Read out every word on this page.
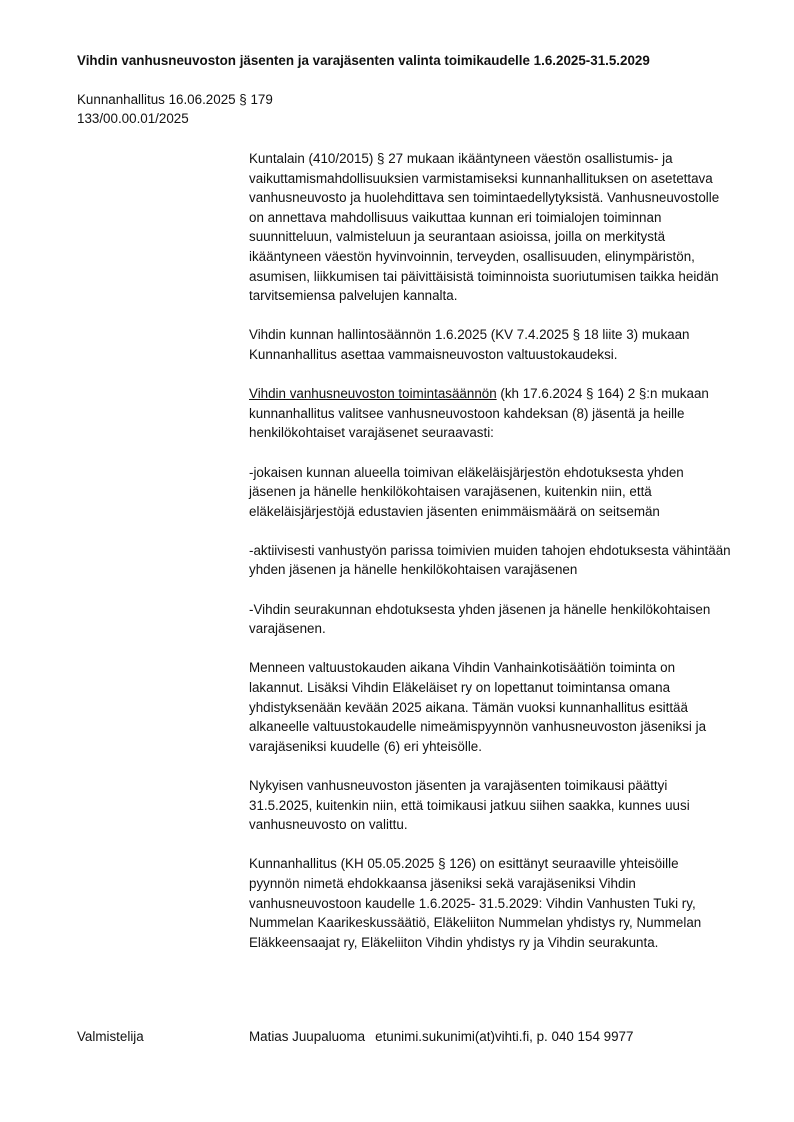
Vihdin vanhusneuvoston jäsenten ja varajäsenten valinta toimikaudelle 1.6.2025-31.5.2029
Kunnanhallitus 16.06.2025 § 179
133/00.00.01/2025

Kuntalain (410/2015) § 27 mukaan ikääntyneen väestön osallistumis- ja vaikuttamismahdollisuuksien varmistamiseksi kunnanhallituksen on asetettava vanhusneuvosto ja huolehdittava sen toimintaedellytyksistä. Vanhusneuvostolle on annettava mahdollisuus vaikuttaa kunnan eri toimialojen toiminnan suunnitteluun, valmisteluun ja seurantaan asioissa, joilla on merkitystä ikääntyneen väestön hyvinvoinnin, terveyden, osallisuuden, elinympäristön, asumisen, liikkumisen tai päivittäisistä toiminnoista suoriutumisen taikka heidän tarvitsemiensa palvelujen kannalta.

Vihdin kunnan hallintosäännön 1.6.2025 (KV 7.4.2025 § 18 liite 3) mukaan Kunnanhallitus asettaa vammaisneuvoston valtuustokaudeksi.

Vihdin vanhusneuvoston toimintasäännön (kh 17.6.2024 § 164) 2 §:n mukaan kunnanhallitus valitsee vanhusneuvostoon kahdeksan (8) jäsentä ja heille henkilökohtaiset varajäsenet seuraavasti:

-jokaisen kunnan alueella toimivan eläkeläisjärjestön ehdotuksesta yhden jäsenen ja hänelle henkilökohtaisen varajäsenen, kuitenkin niin, että eläkeläisjärjestöjä edustavien jäsenten enimmäismäärä on seitsemän

-aktiivisesti vanhustyön parissa toimivien muiden tahojen ehdotuksesta vähintään yhden jäsenen ja hänelle henkilökohtaisen varajäsenen

-Vihdin seurakunnan ehdotuksesta yhden jäsenen ja hänelle henkilökohtaisen varajäsenen.

Menneen valtuustokauden aikana Vihdin Vanhainkotisäätiön toiminta on lakannut. Lisäksi Vihdin Eläkeläiset ry on lopettanut toimintansa omana yhdistyksenään kevään 2025 aikana. Tämän vuoksi kunnanhallitus esittää alkaneelle valtuustokaudelle nimeämispyynnön vanhusneuvoston jäseniksi ja varajäseniksi kuudelle (6) eri yhteisölle.

Nykyisen vanhusneuvoston jäsenten ja varajäsenten toimikausi päättyi 31.5.2025, kuitenkin niin, että toimikausi jatkuu siihen saakka, kunnes uusi vanhusneuvosto on valittu.

Kunnanhallitus (KH 05.05.2025 § 126) on esittänyt seuraaville yhteisöille pyynnön nimetä ehdokkaansa jäseniksi sekä varajäseniksi Vihdin vanhusneuvostoon kaudelle 1.6.2025- 31.5.2029: Vihdin Vanhusten Tuki ry, Nummelan Kaarikeskussäätiö, Eläkeliiton Nummelan yhdistys ry, Nummelan Eläkkeensaajat ry, Eläkeliiton Vihdin yhdistys ry ja Vihdin seurakunta.

Valmistelija	Matias Juupaluoma etunimi.sukunimi(at)vihti.fi, p. 040 154 9977
